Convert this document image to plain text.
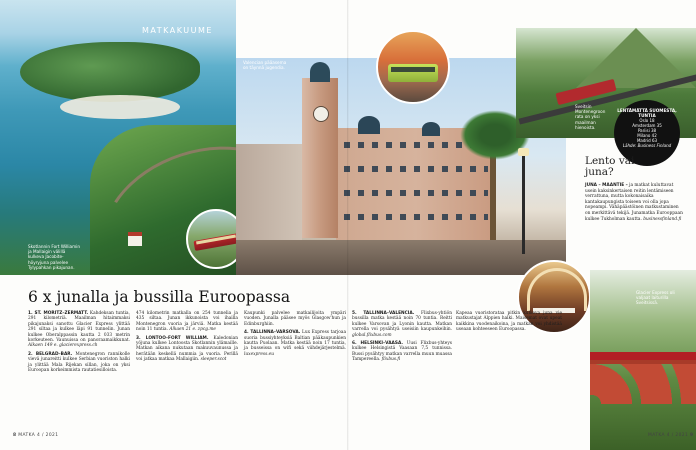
MATKAKUUME
Skotlannin Fort Williamin ja Mallaigin välillä kulkeva Jacobite-höyryjuna palvelee Tylypahkan pikajunan.
Valencian pääasema on täynnä jugendia.
Sveitsin Montenegroon rata on yksi maailman hienoista.
LENTÄMÄTTÄ SUOMESTA, TUNTIA
Oslo 18
Amsterdam 35
Pariisi 38
Milano 42
Madrid 63
Lähde: Business Finland
Lento vai juna?
JUNA – MAANTIE – ja matkat kuluttavat usein kaksinkertaisen reitin lentämiseen verrattuna, mutta kokonaisaika kantakaupungista toiseen voi olla jopa nopeampi. Vähäpäästöinen matkustaminen on merkittävä tekijä. Junamatka Eurooppaan kulkee Tukholman kautta. businessfinland.fi
Glacier Express oli valjaat laiturilla Sveitsissä.
6 x junalla ja bussilla Euroopassa

1. ST. MORITZ–ZERMATT. Kahdeksan tuntia, 291 kilometriä. Maailman hitaimmaksi pikajunaksi sanottu Glacier Express ylittää 291 siltaa ja kulkee läpi 91 tunnelin. Junan kulkee Oberalppassin kautta 2 033 metrin korkeuteen. Vaunuissa on panoraamaikkunat. Alkaen 149 e. glacierexpress.ch

2. BELGRAD–BAR. Montenegron rannikolle vievä junareitti kulkee Serbian vuoriston halki ja ylittää Mala Rijekan sillan, joka on yksi Euroopan korkeimmista rautatiesilloista.

474 kilometrin matkalla on 254 tunnelia ja 435 siltaa. Junan ikkunoista voi ihailla Montenegron vuoria ja järviä. Matka kestää noin 11 tuntia. Alkaen 21 e. zpcg.me

3. LONTOO–FORT WILLIAM. Kaledonian yöjuna kulkee Lontoosta Skotlannin ylämaille. Matkan aikana nukutaan makuuvaunussa ja herätään keskellä nummia ja vuoria. Perillä voi jatkaa matkaa Mallaigiin. sleeper.scot

Kaupunki palvelee matkailijoita ympäri vuoden. Junalla pääsee myös Glasgow'hun ja Edinburghiin.

4. TALLINNA–VARSOVA. Lux Express tarjoaa suoria bussiyhteyksiä Baltian pääkaupunkien kautta Puolaan. Matka kestää noin 17 tuntia, ja busseissa on wifi sekä viihdejärjestelmä. luxexpress.eu

5. TALLINNA–VALENCIA. Flixbus-yhtiön bussilla matka kestää noin 70 tuntia. Reitti kulkee Varsovan ja Lyonin kautta. Matkan varrella voi pysähtyä useisiin kaupunkeihin. global.flixbus.com

6. HELSINKI–VAASA. Uusi Flixbus-yhteys kulkee Helsingistä Vaasaan 7,5 tunnissa. Bussi pysähtyy matkan varrella muun muassa Tampereella. flixbus.fi

Kapeaa vuoristorataa pitkin kulkeva juna vie matkustajat Alppien halki. Maisemat ovat upeat kaikkina vuodenaikoina, ja matkan voi yhdistää useaan kohteeseen Euroopassa.

8 MATKA 4 / 2021	MATKA 4 / 2021 9
